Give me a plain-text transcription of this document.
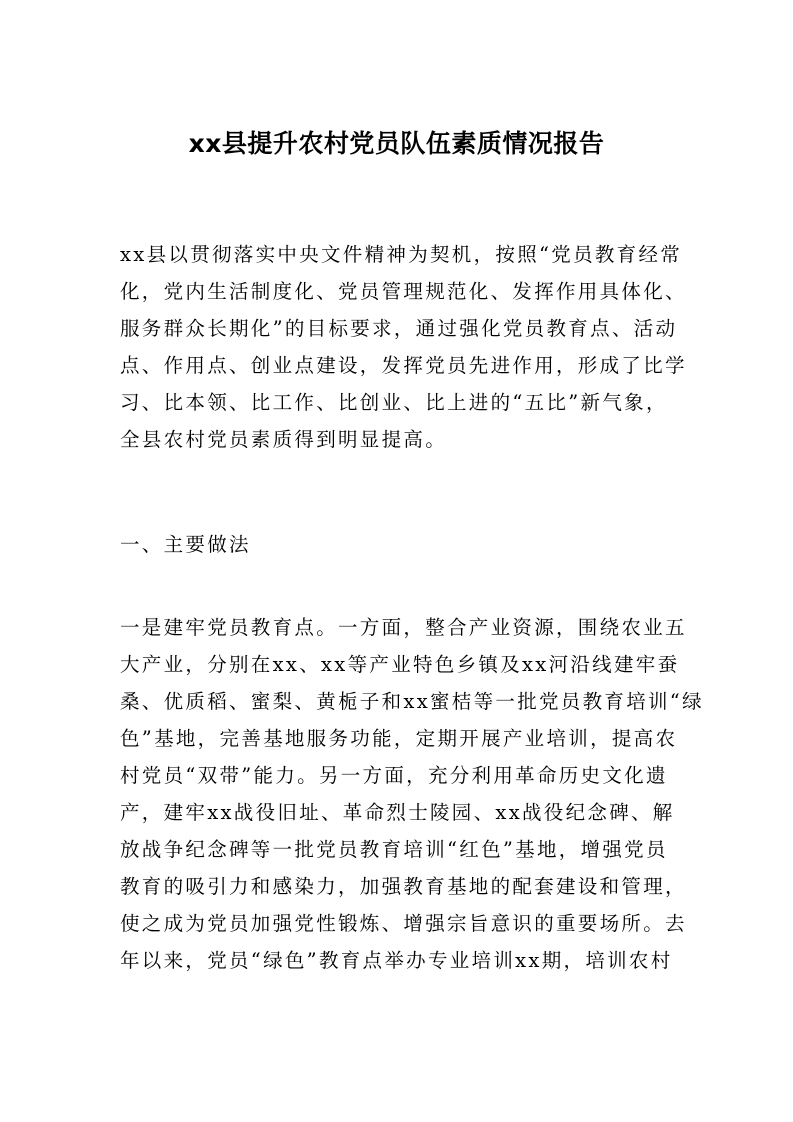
xx县提升农村党员队伍素质情况报告

xx县以贯彻落实中央文件精神为契机，按照“党员教育经常
化，党内生活制度化、党员管理规范化、发挥作用具体化、
服务群众长期化”的目标要求，通过强化党员教育点、活动
点、作用点、创业点建设，发挥党员先进作用，形成了比学
习、比本领、比工作、比创业、比上进的“五比”新气象，
全县农村党员素质得到明显提高。

一、主要做法

一是建牢党员教育点。一方面，整合产业资源，围绕农业五
大产业，分别在xx、xx等产业特色乡镇及xx河沿线建牢蚕
桑、优质稻、蜜梨、黄栀子和xx蜜桔等一批党员教育培训“绿
色”基地，完善基地服务功能，定期开展产业培训，提高农
村党员“双带”能力。另一方面，充分利用革命历史文化遗
产，建牢xx战役旧址、革命烈士陵园、xx战役纪念碑、解
放战争纪念碑等一批党员教育培训“红色”基地，增强党员
教育的吸引力和感染力，加强教育基地的配套建设和管理，
使之成为党员加强党性锻炼、增强宗旨意识的重要场所。去
年以来，党员“绿色”教育点举办专业培训xx期，培训农村
